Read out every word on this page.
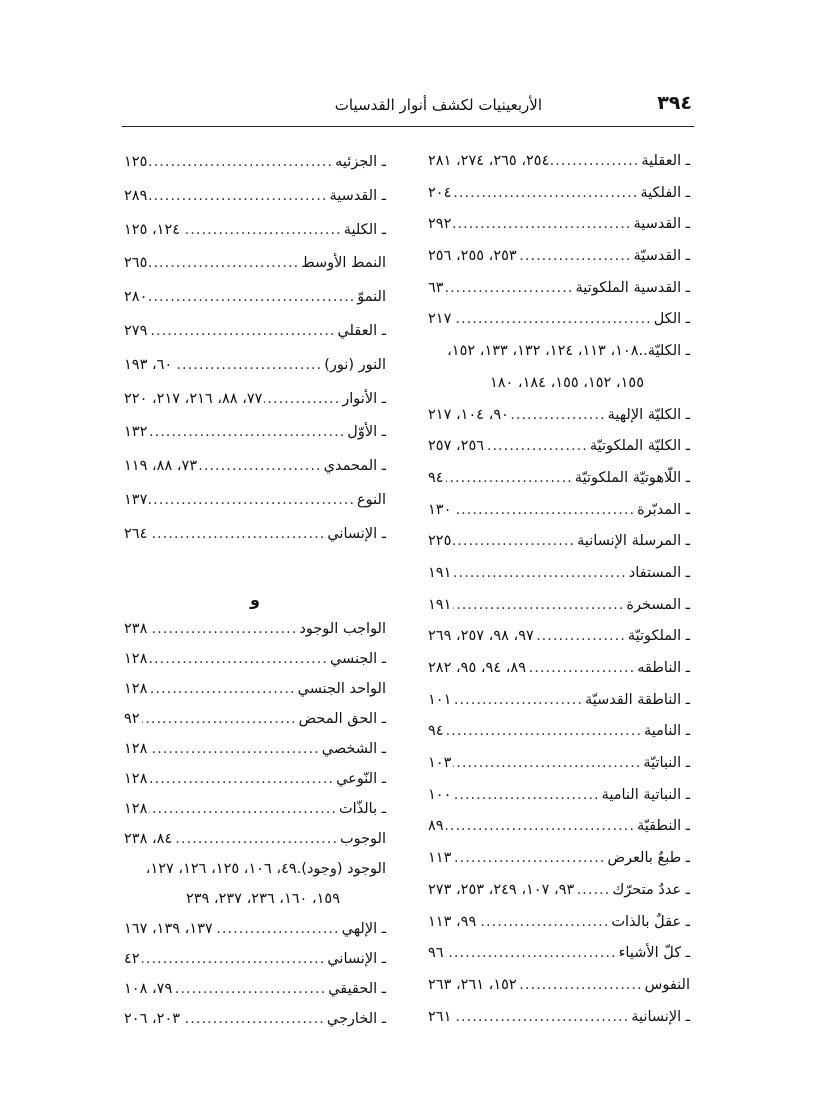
٣٩٤
الأربعينيات لكشف أنوار القدسيات
ـ العقلية
.....
٢٥٤، ٢٦٥، ٢٧٤، ٢٨١
ـ الفلكية
.....
٢٠٤
ـ القدسية
.....
٢٩٢
ـ القدسيّة
.....
٢٥٣، ٢٥٥، ٢٥٦
ـ القدسية الملكوتية
.....
٦٣
ـ الكل
.....
٢١٧
ـ الكليّة..
١٠٨، ١١٣، ١٢٤، ١٣٢، ١٣٣، ١٥٢،
١٥٥، ١٥٢، ١٥٥، ١٨٤، ١٨٠
ـ الكليّة الإلهية
.....
٩٠، ١٠٤، ٢١٧
ـ الكليّة الملكوتيّة
.....
٢٥٦، ٢٥٧
ـ اللّاهوتيّة الملكوتيّة
.....
٩٤
ـ المدبّرة
.....
١٣٠
ـ المرسلة الإنسانية
.....
٢٢٥
ـ المستفاد
.....
١٩١
ـ المسخرة
.....
١٩١
ـ الملكوتيّة
.....
٩٧، ٩٨، ٢٥٧، ٢٦٩
ـ الناطقه
.....
٨٩، ٩٤، ٩٥، ٢٨٢
ـ الناطقة القدسيّة
.....
١٠١
ـ النامية
.....
٩٤
ـ النباتيّة
.....
١٠٣
ـ النباتية النامية
.....
١٠٠
ـ النطقيّة
.....
٨٩
ـ طبعٌ بالعرض
.....
١١٣
ـ عددٌ متحرّك
.....
٩٣، ١٠٧، ٢٤٩، ٢٥٣، ٢٧٣
ـ عقلٌ بالذات
.....
٩٩، ١١٣
ـ كلّ الأشياء
.....
٩٦
النفوس
.....
١٥٢، ٢٦١، ٢٦٣
ـ الإنسانية
.....
٢٦١
ـ الجزئيه
.....
١٢٥
ـ القدسية
.....
٢٨٩
ـ الكلية
.....
١٢٤، ١٢٥
النمط الأوسط
.....
٢٦٥
النموّ
.....
٢٨٠
ـ العقلي
.....
٢٧٩
النور (نور)
.....
٦٠، ١٩٣
ـ الأنوار
.....
٧٧، ٨٨، ٢١٦، ٢١٧، ٢٢٠
ـ الأوّل
.....
١٣٢
ـ المحمدي
.....
٧٣، ٨٨، ١١٩
النوع
.....
١٣٧
ـ الإنساني
.....
٢٦٤
و
الواجب الوجود
.....
٢٣٨
ـ الجنسي
.....
١٢٨
الواحد الجنسي
.....
١٢٨
ـ الحق المحض
.....
٩٢
ـ الشخصي
.....
١٢٨
ـ النّوعي
.....
١٢٨
ـ بالذّات
.....
١٢٨
الوجوب
.....
٨٤، ٢٣٨
الوجود (وجود).
٤٩، ١٠٦، ١٢٥، ١٢٦، ١٢٧،
١٥٩، ١٦٠، ٢٣٦، ٢٣٧، ٢٣٩
ـ الإلهي
.....
١٣٧، ١٣٩، ١٦٧
ـ الإنساني
.....
٤٢
ـ الحقيقي
.....
٧٩، ١٠٨
ـ الخارجي
.....
٢٠٣، ٢٠٦
